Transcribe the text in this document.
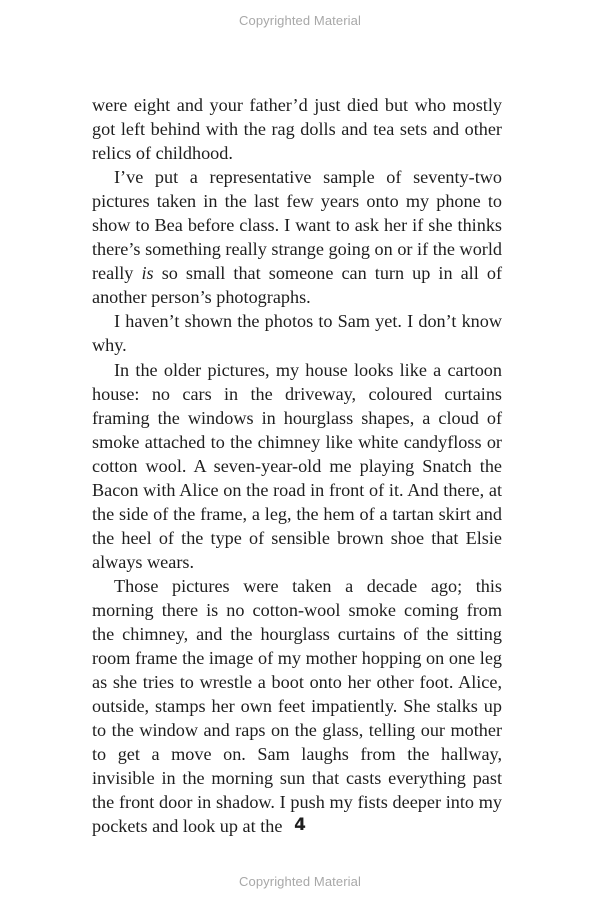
Copyrighted Material

were eight and your father’d just died but who mostly got left behind with the rag dolls and tea sets and other relics of childhood.

I’ve put a representative sample of seventy-two pictures taken in the last few years onto my phone to show to Bea before class. I want to ask her if she thinks there’s something really strange going on or if the world really is so small that someone can turn up in all of another person’s photographs.

I haven’t shown the photos to Sam yet. I don’t know why.

In the older pictures, my house looks like a cartoon house: no cars in the driveway, coloured curtains framing the windows in hourglass shapes, a cloud of smoke attached to the chimney like white candyfloss or cotton wool. A seven-year-old me playing Snatch the Bacon with Alice on the road in front of it. And there, at the side of the frame, a leg, the hem of a tartan skirt and the heel of the type of sensible brown shoe that Elsie always wears.

Those pictures were taken a decade ago; this morning there is no cotton-wool smoke coming from the chimney, and the hourglass curtains of the sitting room frame the image of my mother hopping on one leg as she tries to wrestle a boot onto her other foot. Alice, outside, stamps her own feet impatiently. She stalks up to the window and raps on the glass, telling our mother to get a move on. Sam laughs from the hallway, invisible in the morning sun that casts everything past the front door in shadow. I push my fists deeper into my pockets and look up at the 4
Copyrighted Material
